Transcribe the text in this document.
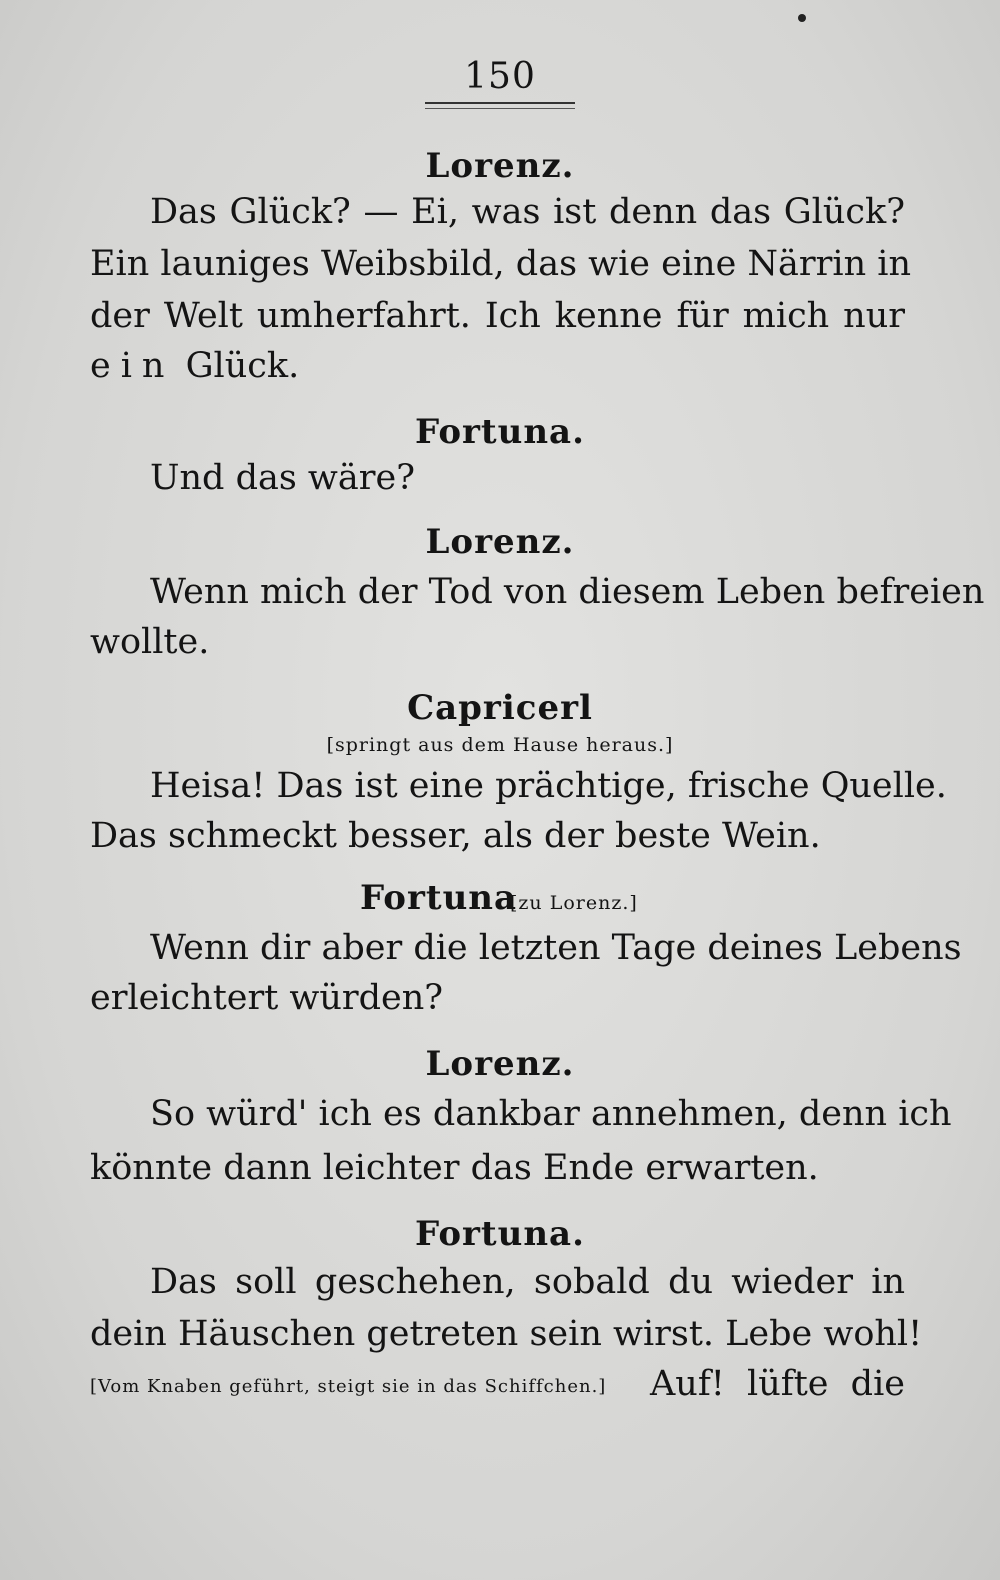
150
Lorenz.
Das Glück? — Ei, was ist denn das Glück?
Ein launiges Weibsbild, das wie eine Närrin in
der Welt umherfahrt. Ich kenne für mich nur
ein Glück.
Fortuna.
Und das wäre?
Lorenz.
Wenn mich der Tod von diesem Leben befreien
wollte.
Capricerl
[springt aus dem Hause heraus.]
Heisa! Das ist eine prächtige, frische Quelle.
Das schmeckt besser, als der beste Wein.
Fortuna
[zu Lorenz.]
Wenn dir aber die letzten Tage deines Lebens
erleichtert würden?
Lorenz.
So würd' ich es dankbar annehmen, denn ich
könnte dann leichter das Ende erwarten.
Fortuna.
Das soll geschehen, sobald du wieder in
dein Häuschen getreten sein wirst. Lebe wohl!
[Vom Knaben geführt, steigt sie in das Schiffchen.] Auf! lüfte die
